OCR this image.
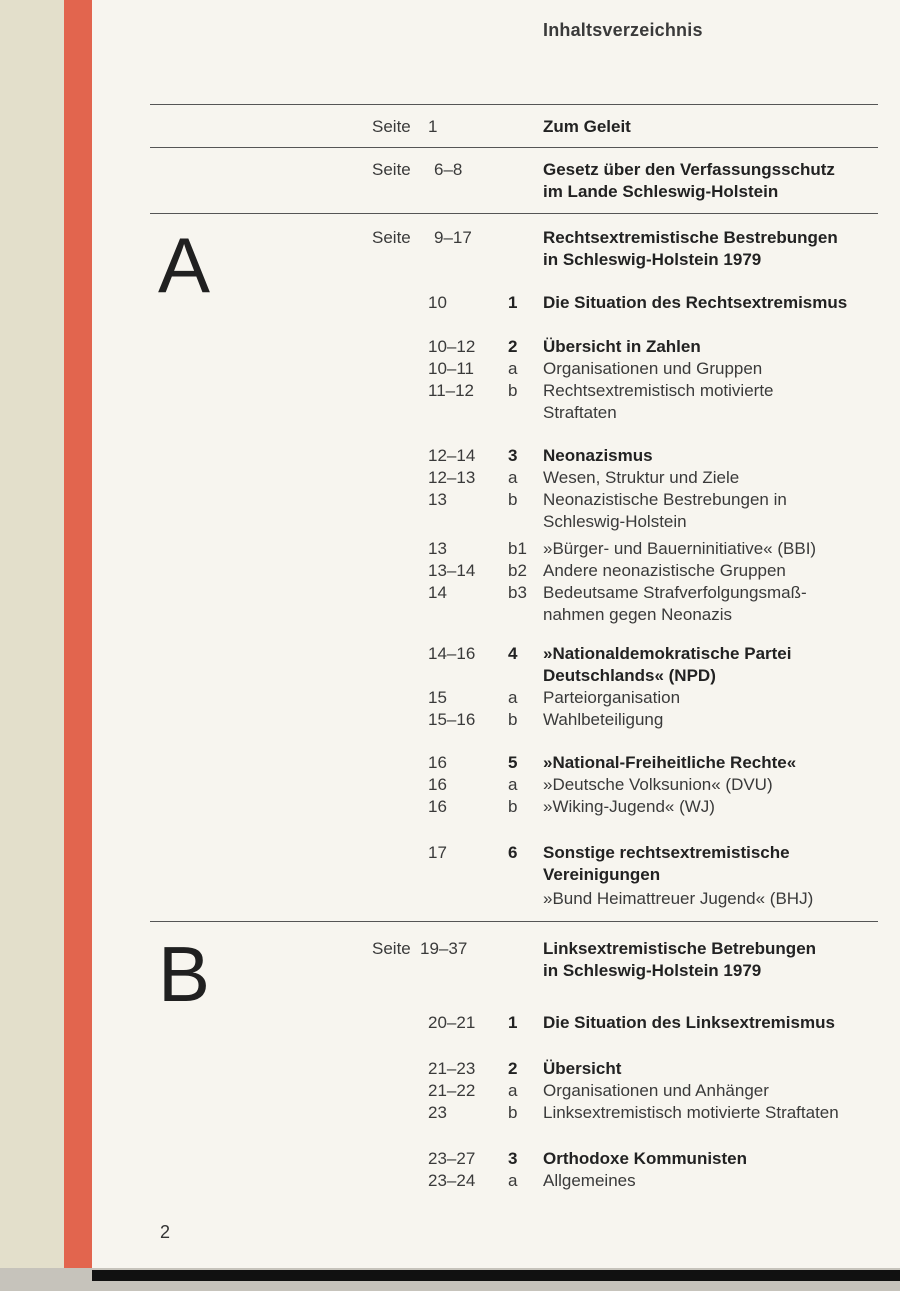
Inhaltsverzeichnis
Seite 1	Zum Geleit
Seite 6–8	Gesetz über den Verfassungsschutz
im Lande Schleswig-Holstein
A	Seite 9–17	Rechtsextremistische Bestrebungen
in Schleswig-Holstein 1979
10	1	Die Situation des Rechtsextremismus
10–12 2	Übersicht in Zahlen
10–11 a	Organisationen und Gruppen
11–12 b	Rechtsextremistisch motivierte
Straftaten
12–14 3	Neonazismus
12–13 a	Wesen, Struktur und Ziele
13	b	Neonazistische Bestrebungen in
Schleswig-Holstein
13	b1 »Bürger- und Bauerninitiative« (BBI)
13–14 b2 Andere neonazistische Gruppen
14	b3 Bedeutsame Strafverfolgungsmaß-
nahmen gegen Neonazis
14–16 4	»Nationaldemokratische Partei
Deutschlands« (NPD)
15	a	Parteiorganisation
15–16 b	Wahlbeteiligung
16	5	»National-Freiheitliche Rechte«
16	a	»Deutsche Volksunion« (DVU)
16	b	»Wiking-Jugend« (WJ)
17	6	Sonstige rechtsextremistische
Vereinigungen
»Bund Heimattreuer Jugend« (BHJ)
B	Seite 19–37	Linksextremistische Betrebungen
in Schleswig-Holstein 1979
20–21 1	Die Situation des Linksextremismus
21–23 2	Übersicht
21–22 a	Organisationen und Anhänger
23	b	Linksextremistisch motivierte Straftaten
23–27 3	Orthodoxe Kommunisten
23–24 a	Allgemeines
2
